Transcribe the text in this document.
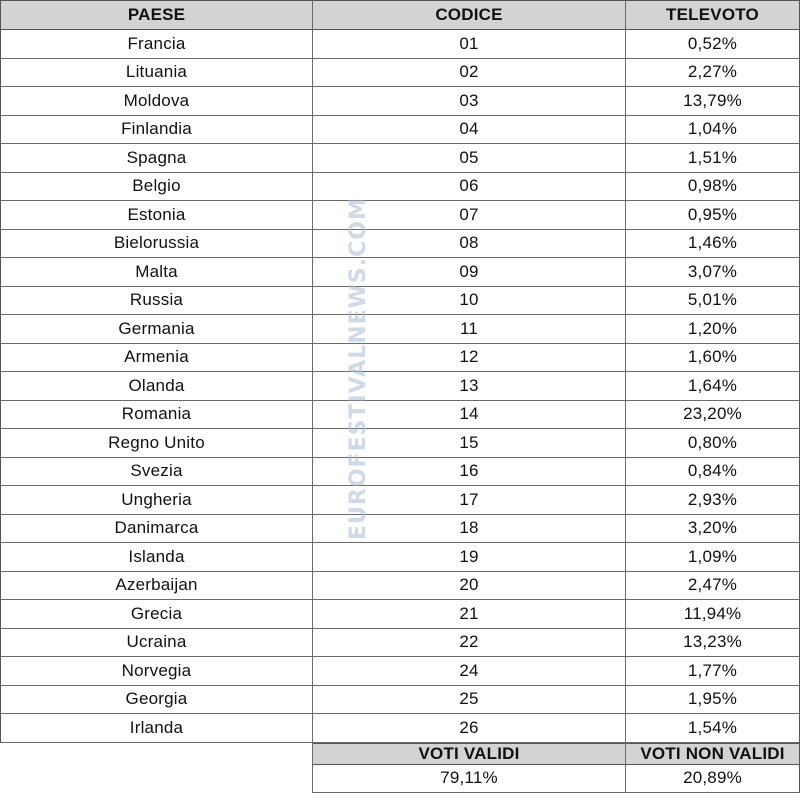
PAESE	CODICE	TELEVOTO
Francia	01	0,52%
Lituania	02	2,27%
Moldova	03	13,79%
Finlandia	04	1,04%
Spagna	05	1,51%
Belgio	06	0,98%
Estonia	07	0,95%
Bielorussia	08	1,46%
Malta	09	3,07%
Russia	10	5,01%
Germania	11	1,20%
Armenia	12	1,60%
Olanda	13	1,64%
Romania	14	23,20%
Regno Unito	15	0,80%
Svezia	16	0,84%
Ungheria	17	2,93%
Danimarca	18	3,20%
Islanda	19	1,09%
Azerbaijan	20	2,47%
Grecia	21	11,94%
Ucraina	22	13,23%
Norvegia	24	1,77%
Georgia	25	1,95%
Irlanda	26	1,54%
VOTI VALIDI	VOTI NON VALIDI
79,11%	20,89%
EUROFESTIVALNEWS.COM
